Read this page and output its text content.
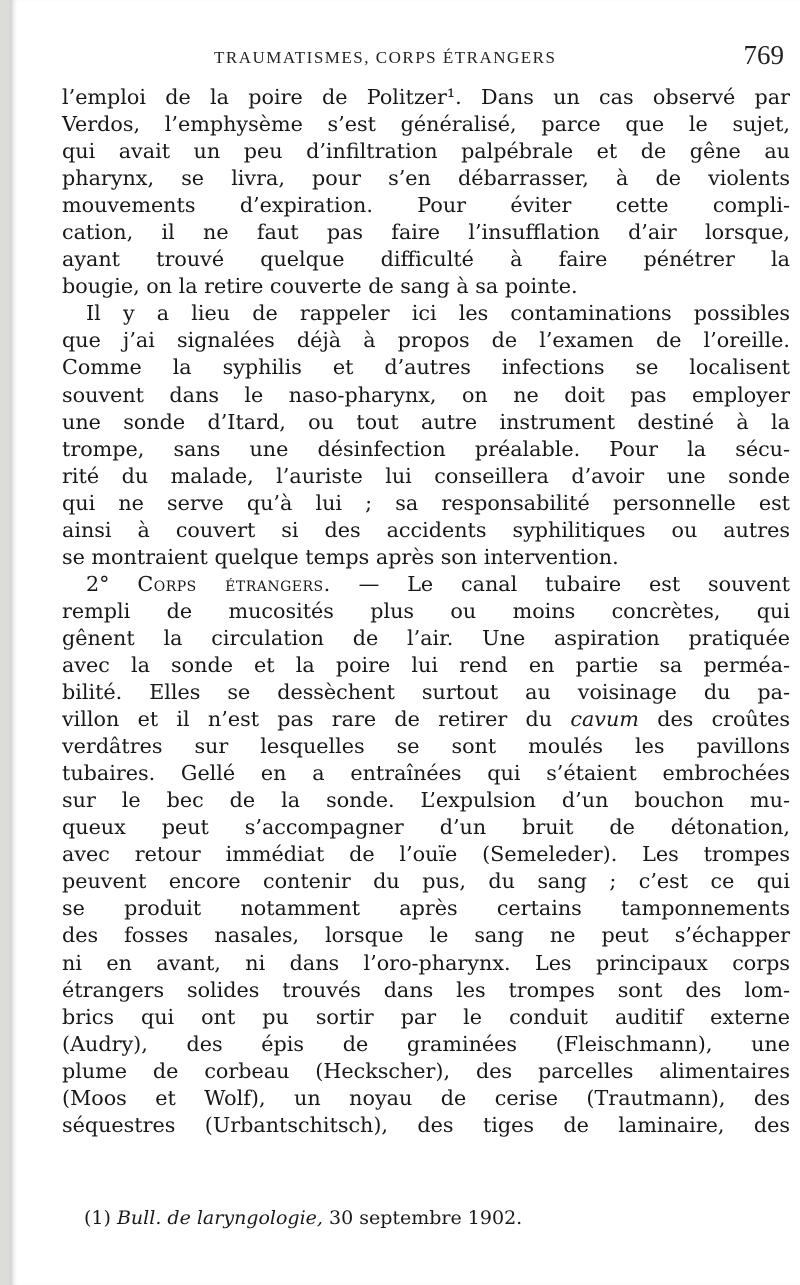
TRAUMATISMES, CORPS ÉTRANGERS	769
l’emploi de la poire de Politzer¹. Dans un cas observé par
Verdos, l’emphysème s’est généralisé, parce que le sujet,
qui avait un peu d’infiltration palpébrale et de gêne au
pharynx, se livra, pour s’en débarrasser, à de violents
mouvements d’expiration. Pour éviter cette compli-
cation, il ne faut pas faire l’insufflation d’air lorsque,
ayant trouvé quelque difficulté à faire pénétrer la
bougie, on la retire couverte de sang à sa pointe.
Il y a lieu de rappeler ici les contaminations possibles
que j’ai signalées déjà à propos de l’examen de l’oreille.
Comme la syphilis et d’autres infections se localisent
souvent dans le naso-pharynx, on ne doit pas employer
une sonde d’Itard, ou tout autre instrument destiné à la
trompe, sans une désinfection préalable. Pour la sécu-
rité du malade, l’auriste lui conseillera d’avoir une sonde
qui ne serve qu’à lui ; sa responsabilité personnelle est
ainsi à couvert si des accidents syphilitiques ou autres
se montraient quelque temps après son intervention.
2° Corps étrangers. — Le canal tubaire est souvent
rempli de mucosités plus ou moins concrètes, qui
gênent la circulation de l’air. Une aspiration pratiquée
avec la sonde et la poire lui rend en partie sa perméa-
bilité. Elles se dessèchent surtout au voisinage du pa-
villon et il n’est pas rare de retirer du cavum des croûtes
verdâtres sur lesquelles se sont moulés les pavillons
tubaires. Gellé en a entraînées qui s’étaient embrochées
sur le bec de la sonde. L’expulsion d’un bouchon mu-
queux peut s’accompagner d’un bruit de détonation,
avec retour immédiat de l’ouïe (Semeleder). Les trompes
peuvent encore contenir du pus, du sang ; c’est ce qui
se produit notamment après certains tamponnements
des fosses nasales, lorsque le sang ne peut s’échapper
ni en avant, ni dans l’oro-pharynx. Les principaux corps
étrangers solides trouvés dans les trompes sont des lom-
brics qui ont pu sortir par le conduit auditif externe
(Audry), des épis de graminées (Fleischmann), une
plume de corbeau (Heckscher), des parcelles alimentaires
(Moos et Wolf), un noyau de cerise (Trautmann), des
séquestres (Urbantschitsch), des tiges de laminaire, des
(1) Bull. de laryngologie, 30 septembre 1902.
